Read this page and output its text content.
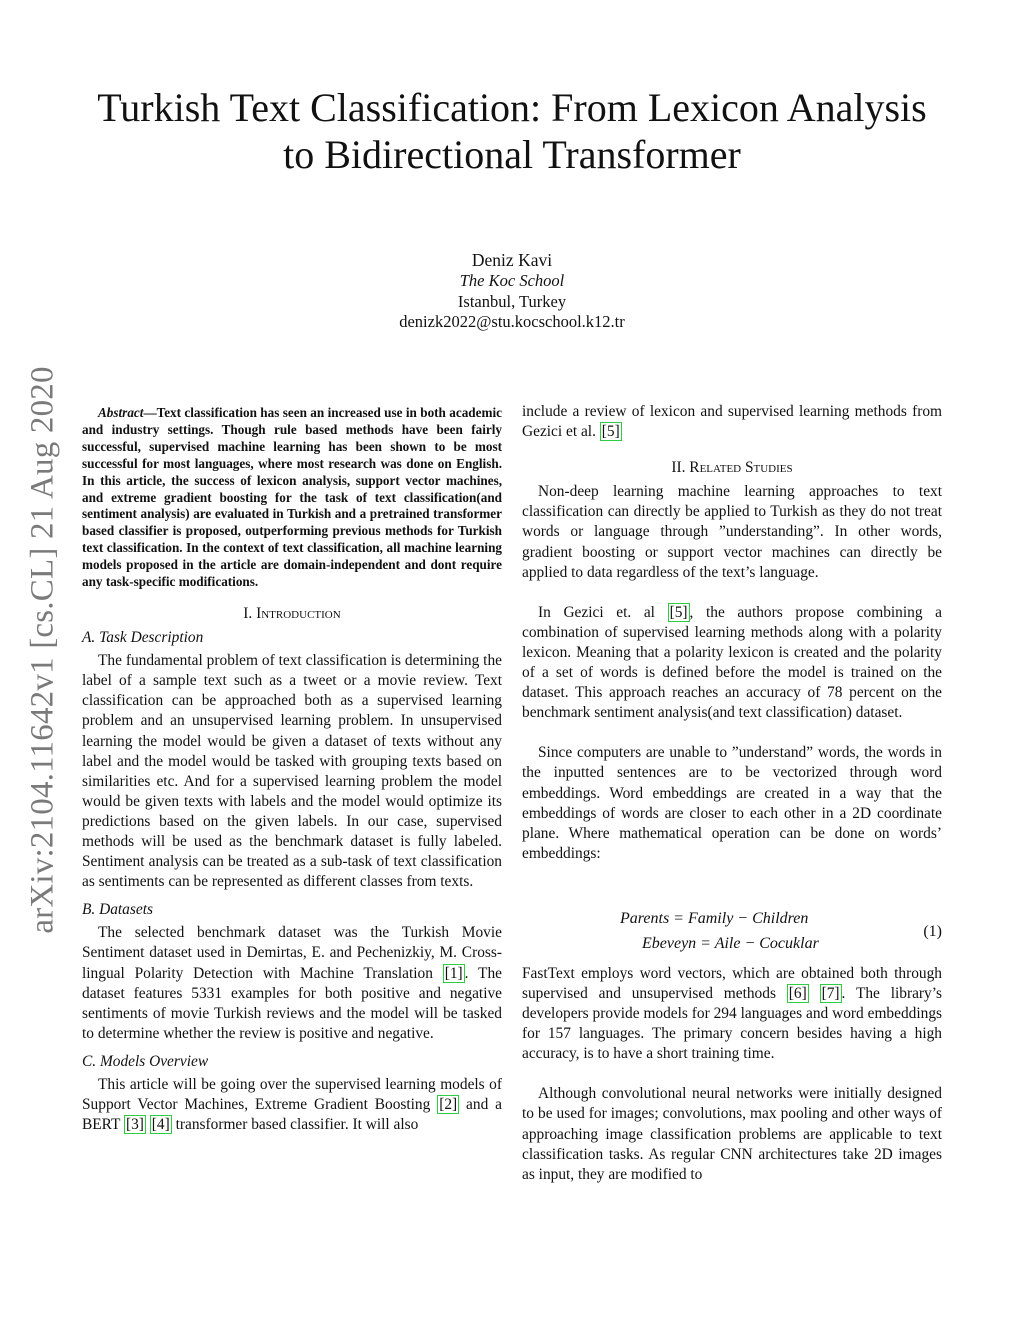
arXiv:2104.11642v1 [cs.CL] 21 Aug 2020
Turkish Text Classification: From Lexicon Analysis
to Bidirectional Transformer
Deniz Kavi
The Koc School
Istanbul, Turkey
denizk2022@stu.kocschool.k12.tr

Abstract—Text classification has seen an increased use in both academic and industry settings. Though rule based methods have been fairly successful, supervised machine learning has been shown to be most successful for most languages, where most research was done on English. In this article, the success of lexicon analysis, support vector machines, and extreme gradient boosting for the task of text classification(and sentiment analysis) are evaluated in Turkish and a pretrained transformer based classifier is proposed, outperforming previous methods for Turkish text classification. In the context of text classification, all machine learning models proposed in the article are domain-independent and dont require any task-specific modifications.

I. Introduction
A. Task Description

The fundamental problem of text classification is determining the label of a sample text such as a tweet or a movie review. Text classification can be approached both as a supervised learning problem and an unsupervised learning problem. In unsupervised learning the model would be given a dataset of texts without any label and the model would be tasked with grouping texts based on similarities etc. And for a supervised learning problem the model would be given texts with labels and the model would optimize its predictions based on the given labels. In our case, supervised methods will be used as the benchmark dataset is fully labeled. Sentiment analysis can be treated as a sub-task of text classification as sentiments can be represented as different classes from texts.

B. Datasets

The selected benchmark dataset was the Turkish Movie Sentiment dataset used in Demirtas, E. and Pechenizkiy, M. Cross-lingual Polarity Detection with Machine Translation [1] . The dataset features 5331 examples for both positive and negative sentiments of movie Turkish reviews and the model will be tasked to determine whether the review is positive and negative.

C. Models Overview

This article will be going over the supervised learning models of Support Vector Machines, Extreme Gradient Boosting [2] and a BERT [3] [4] transformer based classifier. It will also

include a review of lexicon and supervised learning methods from Gezici et al. [5]

II. Related Studies

Non-deep learning machine learning approaches to text classification can directly be applied to Turkish as they do not treat words or language through ”understanding”. In other words, gradient boosting or support vector machines can directly be applied to data regardless of the text’s language.

In Gezici et. al [5] , the authors propose combining a combination of supervised learning methods along with a polarity lexicon. Meaning that a polarity lexicon is created and the polarity of a set of words is defined before the model is trained on the dataset. This approach reaches an accuracy of 78 percent on the benchmark sentiment analysis(and text classification) dataset.

Since computers are unable to ”understand” words, the words in the inputted sentences are to be vectorized through word embeddings. Word embeddings are created in a way that the embeddings of words are closer to each other in a 2D coordinate plane. Where mathematical operation can be done on words’ embeddings:

Parents = Family − Children
Ebeveyn = Aile − Cocuklar
(1)

FastText employs word vectors, which are obtained both through supervised and unsupervised methods [6] [7] . The library’s developers provide models for 294 languages and word embeddings for 157 languages. The primary concern besides having a high accuracy, is to have a short training time.

Although convolutional neural networks were initially designed to be used for images; convolutions, max pooling and other ways of approaching image classification problems are applicable to text classification tasks. As regular CNN architectures take 2D images as input, they are modified to
